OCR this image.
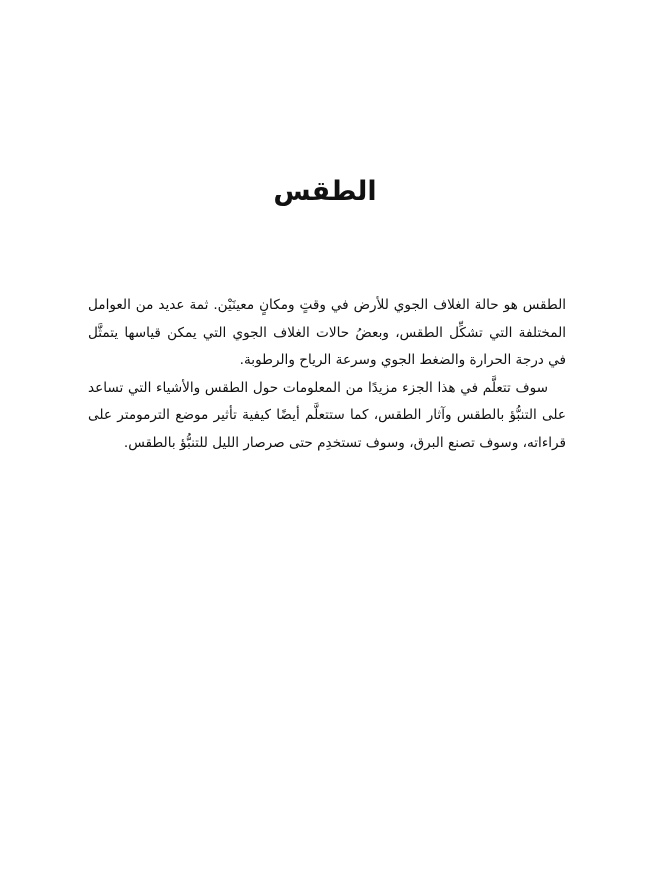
الطقس

الطقس هو حالة الغلاف الجوي للأرض في وقتٍ ومكانٍ معينَيْن. ثمة عديد من العوامل المختلفة التي تشكِّل الطقس، وبعضُ حالات الغلاف الجوي التي يمكن قياسها يتمثَّل في درجة الحرارة والضغط الجوي وسرعة الرياح والرطوبة.

سوف تتعلَّم في هذا الجزء مزيدًا من المعلومات حول الطقس والأشياء التي تساعد على التنبُّؤ بالطقس وآثار الطقس، كما ستتعلَّم أيضًا كيفية تأثير موضع الترمومتر على قراءاته، وسوف تصنع البرق، وسوف تستخدِم حتى صرصار الليل للتنبُّؤ بالطقس.
